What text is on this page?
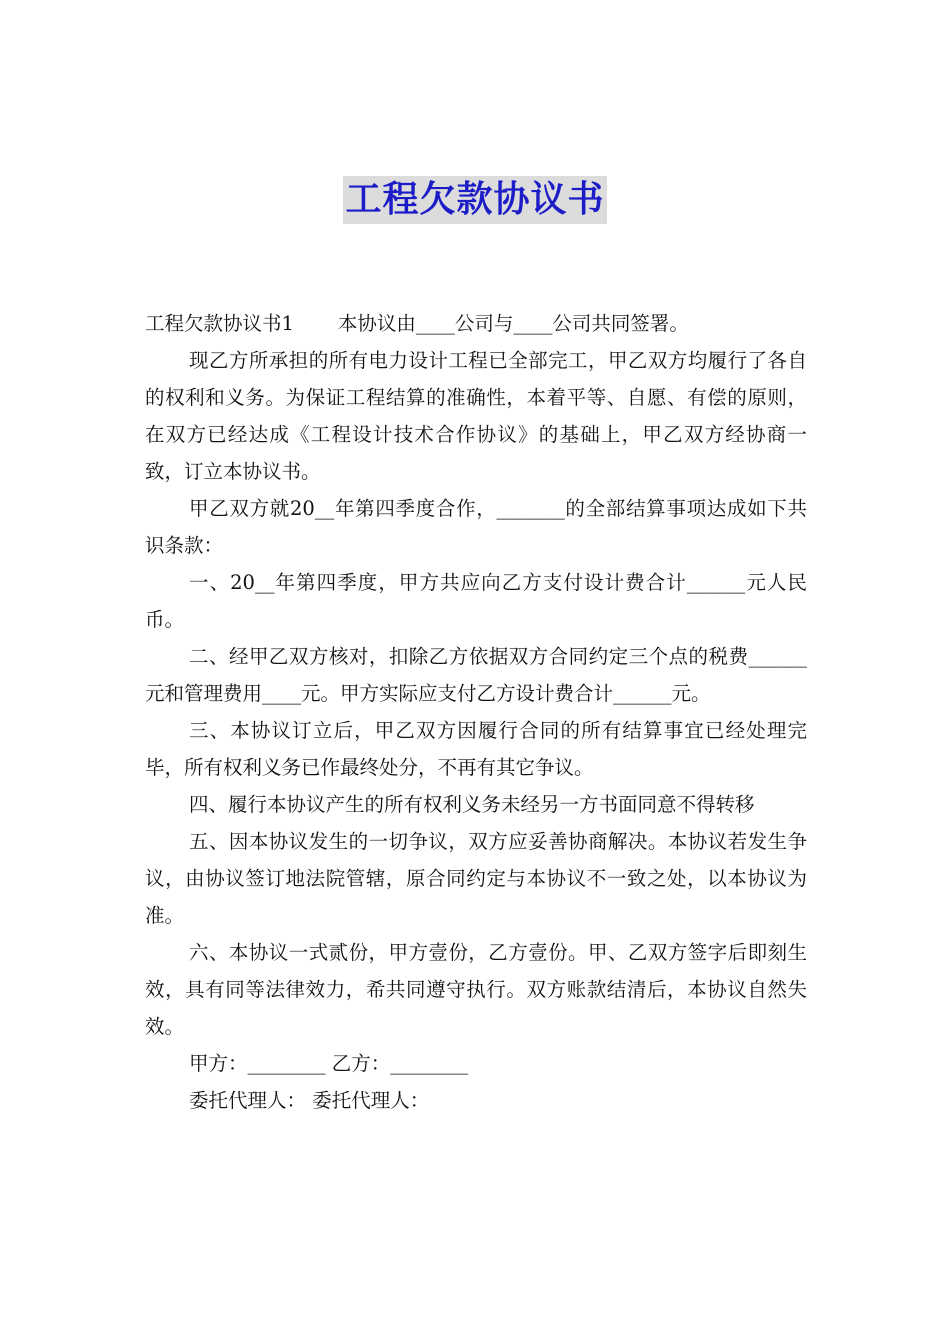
工程欠款协议书

工程欠款协议书1 本协议由____公司与____公司共同签署。

现乙方所承担的所有电力设计工程已全部完工，甲乙双方均履行了各自的权利和义务。为保证工程结算的准确性，本着平等、自愿、有偿的原则，在双方已经达成《工程设计技术合作协议》的基础上，甲乙双方经协商一致，订立本协议书。

甲乙双方就20__年第四季度合作，_______的全部结算事项达成如下共识条款：

一、20__年第四季度，甲方共应向乙方支付设计费合计______元人民币。

二、经甲乙双方核对，扣除乙方依据双方合同约定三个点的税费______元和管理费用____元。甲方实际应支付乙方设计费合计______元。

三、本协议订立后，甲乙双方因履行合同的所有结算事宜已经处理完毕，所有权利义务已作最终处分，不再有其它争议。

四、履行本协议产生的所有权利义务未经另一方书面同意不得转移

五、因本协议发生的一切争议，双方应妥善协商解决。本协议若发生争议，由协议签订地法院管辖，原合同约定与本协议不一致之处，以本协议为准。

六、本协议一式贰份，甲方壹份，乙方壹份。甲、乙双方签字后即刻生效，具有同等法律效力，希共同遵守执行。双方账款结清后，本协议自然失效。

甲方：________ 乙方：________

委托代理人： 委托代理人：
